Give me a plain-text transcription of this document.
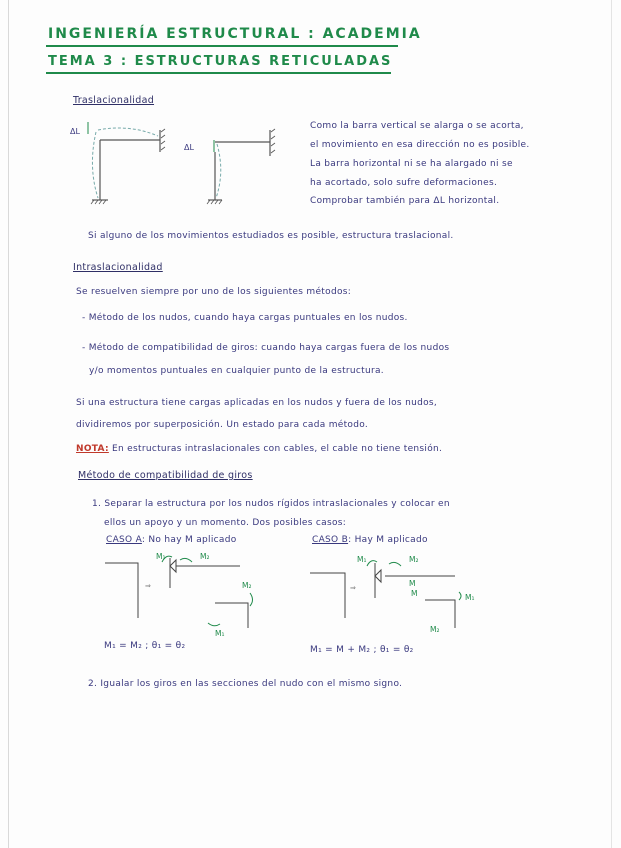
INGENIERÍA ESTRUCTURAL : ACADEMIA
TEMA 3 : ESTRUCTURAS RETICULADAS
Traslacionalidad
ΔL
ΔL
Como la barra vertical se alarga o se acorta,
el movimiento en esa dirección no es posible.
La barra horizontal ni se ha alargado ni se
ha acortado, solo sufre deformaciones.
Comprobar también para ΔL horizontal.
Si alguno de los movimientos estudiados es posible, estructura traslacional.
Intraslacionalidad
Se resuelven siempre por uno de los siguientes métodos:
- Método de los nudos, cuando haya cargas puntuales en los nudos.
- Método de compatibilidad de giros: cuando haya cargas fuera de los nudos
y/o momentos puntuales en cualquier punto de la estructura.
Si una estructura tiene cargas aplicadas en los nudos y fuera de los nudos,
dividiremos por superposición. Un estado para cada método.
NOTA: En estructuras intraslacionales con cables, el cable no tiene tensión.
Método de compatibilidad de giros
1. Separar la estructura por los nudos rígidos intraslacionales y colocar en
ellos un apoyo y un momento. Dos posibles casos:
CASO A: No hay M aplicado	CASO B: Hay M aplicado
M₁	M₂
⇒	M₂
M₁
M₁	M₂
M
⇒
M
M₂
M₁
M₁ = M₂ ; θ₁ = θ₂	M₁ = M + M₂ ; θ₁ = θ₂
2. Igualar los giros en las secciones del nudo con el mismo signo.
